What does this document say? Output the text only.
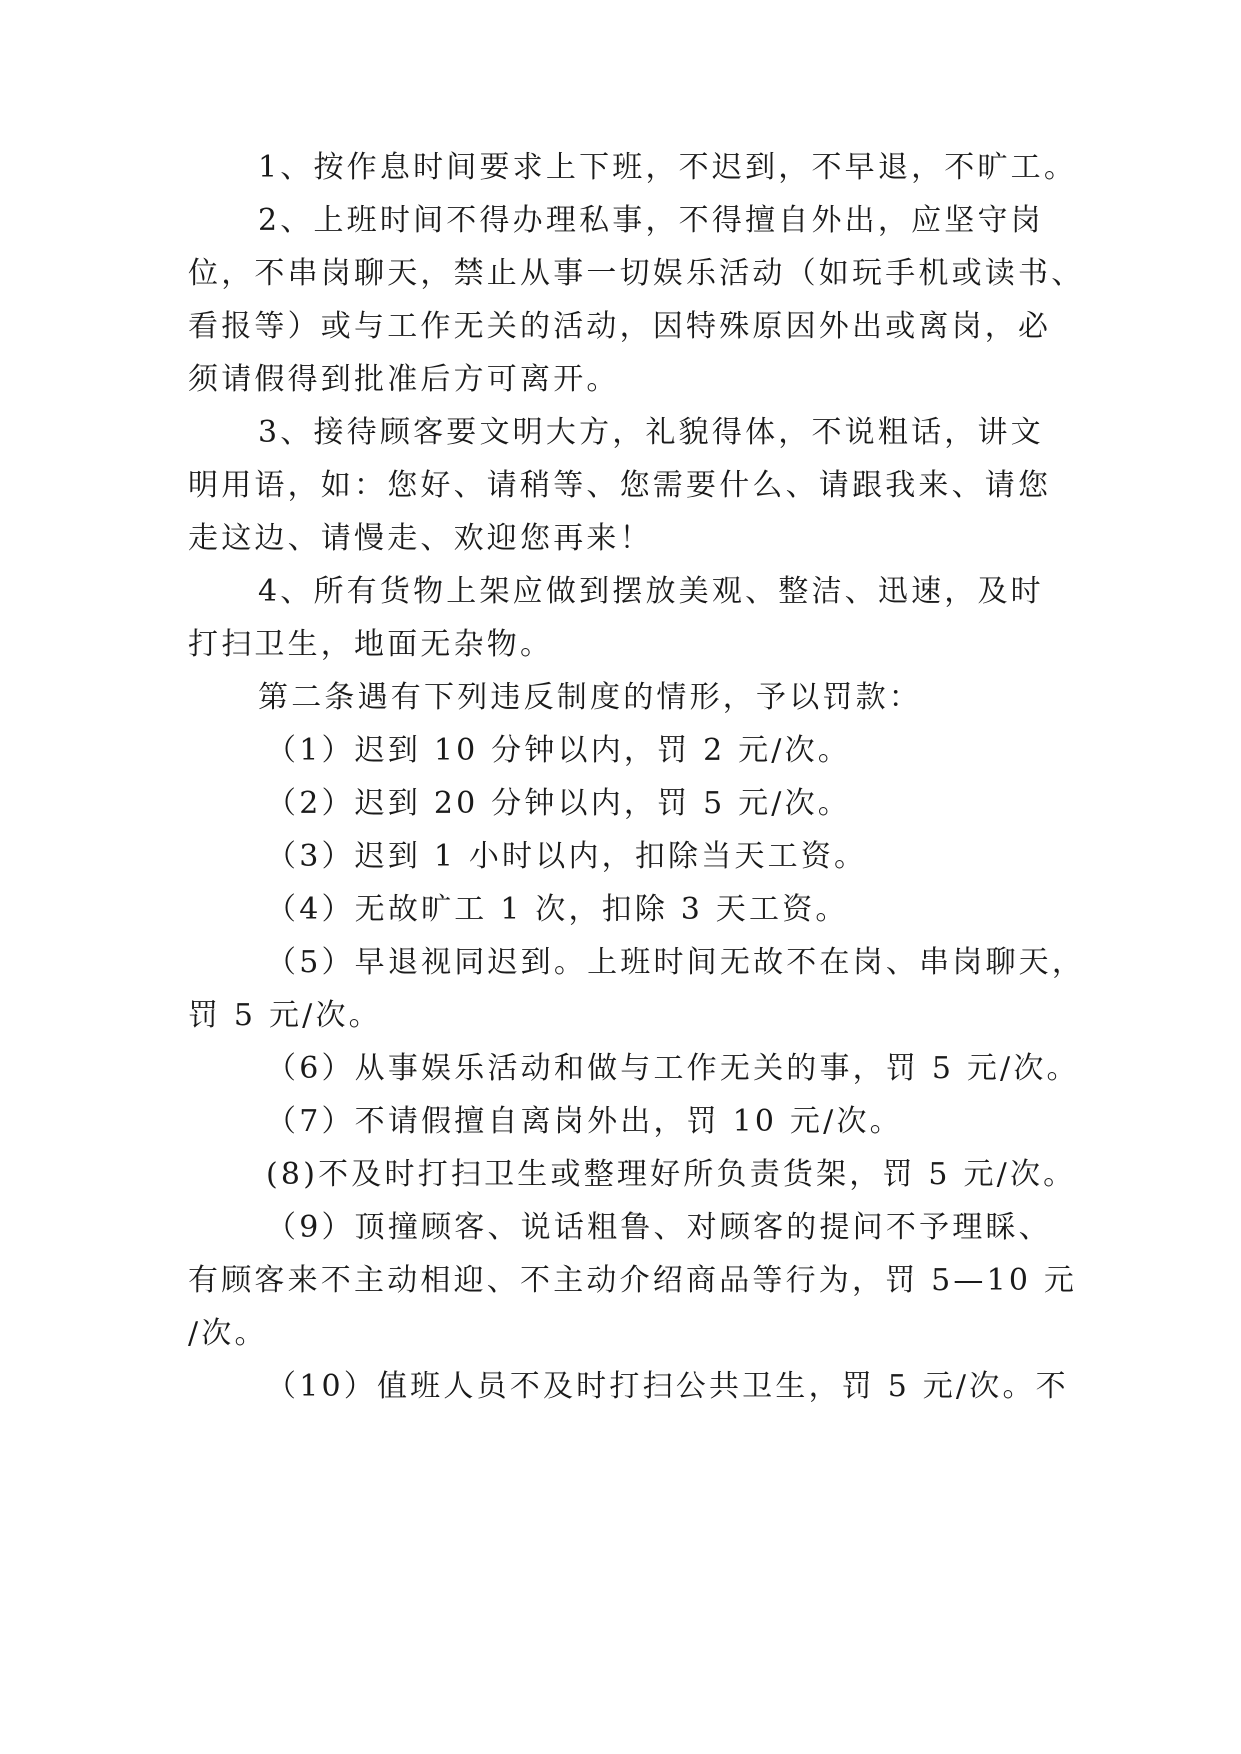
1、按作息时间要求上下班，不迟到，不早退，不旷工。
2、上班时间不得办理私事，不得擅自外出，应坚守岗
位，不串岗聊天，禁止从事一切娱乐活动（如玩手机或读书、
看报等）或与工作无关的活动，因特殊原因外出或离岗，必
须请假得到批准后方可离开。
3、接待顾客要文明大方，礼貌得体，不说粗话，讲文
明用语，如：您好、请稍等、您需要什么、请跟我来、请您
走这边、请慢走、欢迎您再来！
4、所有货物上架应做到摆放美观、整洁、迅速，及时
打扫卫生，地面无杂物。
第二条遇有下列违反制度的情形，予以罚款：
（1）迟到 10 分钟以内，罚 2 元/次。
（2）迟到 20 分钟以内，罚 5 元/次。
（3）迟到 1 小时以内，扣除当天工资。
（4）无故旷工 1 次，扣除 3 天工资。
（5）早退视同迟到。上班时间无故不在岗、串岗聊天，
罚 5 元/次。
（6）从事娱乐活动和做与工作无关的事，罚 5 元/次。
（7）不请假擅自离岗外出，罚 10 元/次。
(8)不及时打扫卫生或整理好所负责货架，罚 5 元/次。
（9）顶撞顾客、说话粗鲁、对顾客的提问不予理睬、
有顾客来不主动相迎、不主动介绍商品等行为，罚 5—10 元
/次。
（10）值班人员不及时打扫公共卫生，罚 5 元/次。不
